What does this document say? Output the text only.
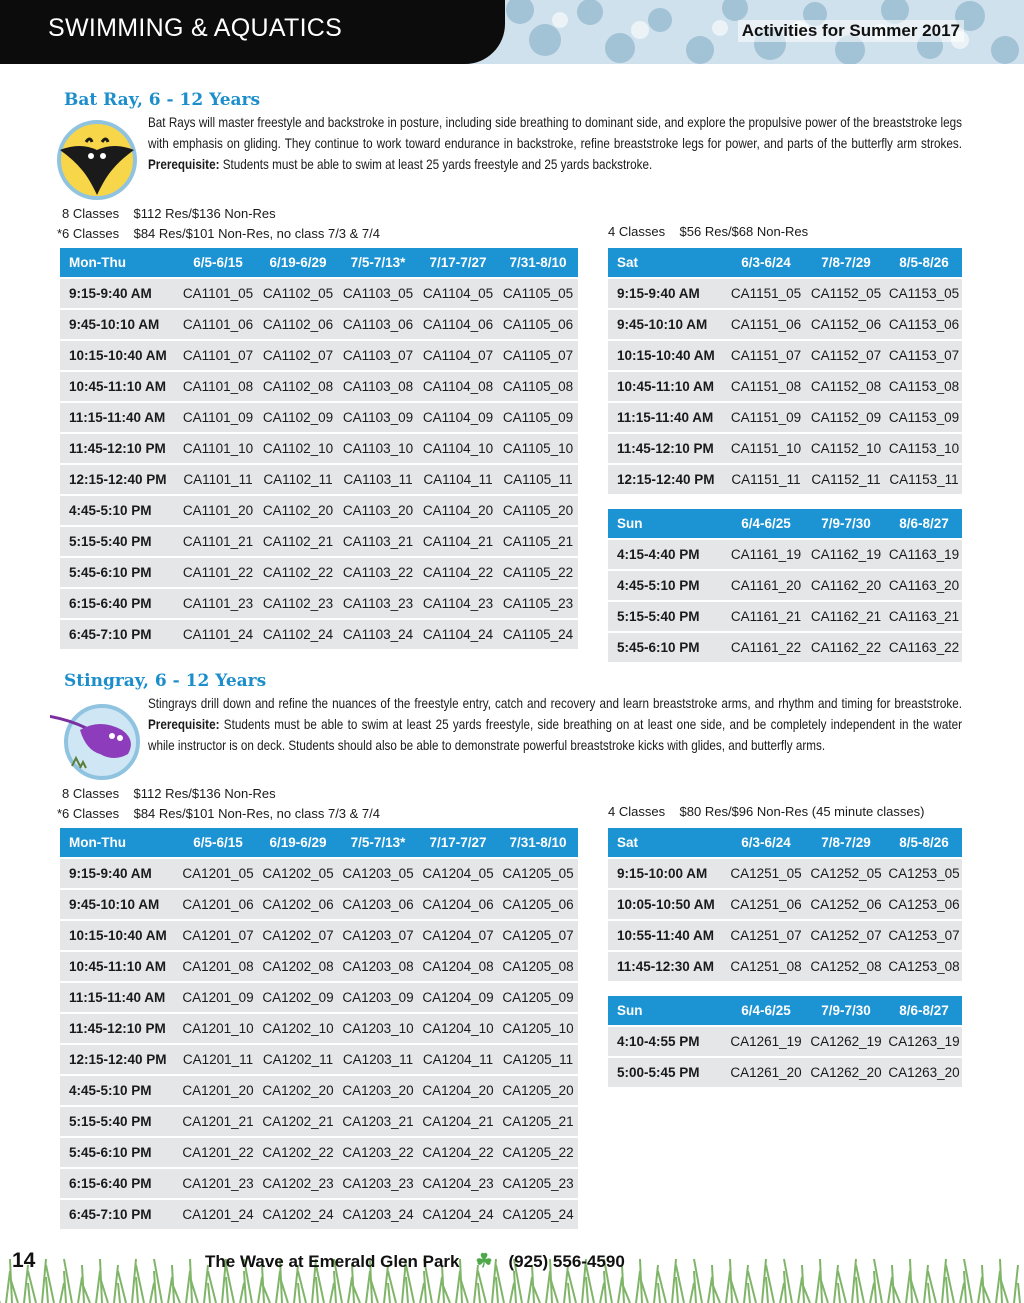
SWIMMING & AQUATICS	Activities for Summer 2017
Bat Ray, 6 - 12 Years
Bat Rays will master freestyle and backstroke in posture, including side breathing to dominant side, and explore the propulsive power of the breaststroke legs with emphasis on gliding. They continue to work toward endurance in backstroke, refine breaststroke legs for power, and parts of the butterfly arm strokes. Prerequisite: Students must be able to swim at least 25 yards freestyle and 25 yards backstroke.
8 Classes    $112 Res/$136 Non-Res
*6 Classes    $84 Res/$101 Non-Res, no class 7/3 & 7/4	4 Classes    $56 Res/$68 Non-Res
Mon-Thu	6/5-6/15	6/19-6/29	7/5-7/13*	7/17-7/27	7/31-8/10
9:15-9:40 AM	CA1101_05	CA1102_05	CA1103_05	CA1104_05	CA1105_05
9:45-10:10 AM	CA1101_06	CA1102_06	CA1103_06	CA1104_06	CA1105_06
10:15-10:40 AM	CA1101_07	CA1102_07	CA1103_07	CA1104_07	CA1105_07
10:45-11:10 AM	CA1101_08	CA1102_08	CA1103_08	CA1104_08	CA1105_08
11:15-11:40 AM	CA1101_09	CA1102_09	CA1103_09	CA1104_09	CA1105_09
11:45-12:10 PM	CA1101_10	CA1102_10	CA1103_10	CA1104_10	CA1105_10
12:15-12:40 PM	CA1101_11	CA1102_11	CA1103_11	CA1104_11	CA1105_11
4:45-5:10 PM	CA1101_20	CA1102_20	CA1103_20	CA1104_20	CA1105_20
5:15-5:40 PM	CA1101_21	CA1102_21	CA1103_21	CA1104_21	CA1105_21
5:45-6:10 PM	CA1101_22	CA1102_22	CA1103_22	CA1104_22	CA1105_22
6:15-6:40 PM	CA1101_23	CA1102_23	CA1103_23	CA1104_23	CA1105_23
6:45-7:10 PM	CA1101_24	CA1102_24	CA1103_24	CA1104_24	CA1105_24
Sat	6/3-6/24	7/8-7/29	8/5-8/26
9:15-9:40 AM	CA1151_05	CA1152_05	CA1153_05
9:45-10:10 AM	CA1151_06	CA1152_06	CA1153_06
10:15-10:40 AM	CA1151_07	CA1152_07	CA1153_07
10:45-11:10 AM	CA1151_08	CA1152_08	CA1153_08
11:15-11:40 AM	CA1151_09	CA1152_09	CA1153_09
11:45-12:10 PM	CA1151_10	CA1152_10	CA1153_10
12:15-12:40 PM	CA1151_11	CA1152_11	CA1153_11
Sun	6/4-6/25	7/9-7/30	8/6-8/27
4:15-4:40 PM	CA1161_19	CA1162_19	CA1163_19
4:45-5:10 PM	CA1161_20	CA1162_20	CA1163_20
5:15-5:40 PM	CA1161_21	CA1162_21	CA1163_21
5:45-6:10 PM	CA1161_22	CA1162_22	CA1163_22
Stingray, 6 - 12 Years
Stingrays drill down and refine the nuances of the freestyle entry, catch and recovery and learn breaststroke arms, and rhythm and timing for breaststroke. Prerequisite: Students must be able to swim at least 25 yards freestyle, side breathing on at least one side, and be completely independent in the water while instructor is on deck. Students should also be able to demonstrate powerful breaststroke kicks with glides, and butterfly arms.
8 Classes    $112 Res/$136 Non-Res
*6 Classes    $84 Res/$101 Non-Res, no class 7/3 & 7/4	4 Classes    $80 Res/$96 Non-Res (45 minute classes)
Mon-Thu	6/5-6/15	6/19-6/29	7/5-7/13*	7/17-7/27	7/31-8/10
9:15-9:40 AM	CA1201_05	CA1202_05	CA1203_05	CA1204_05	CA1205_05
9:45-10:10 AM	CA1201_06	CA1202_06	CA1203_06	CA1204_06	CA1205_06
10:15-10:40 AM	CA1201_07	CA1202_07	CA1203_07	CA1204_07	CA1205_07
10:45-11:10 AM	CA1201_08	CA1202_08	CA1203_08	CA1204_08	CA1205_08
11:15-11:40 AM	CA1201_09	CA1202_09	CA1203_09	CA1204_09	CA1205_09
11:45-12:10 PM	CA1201_10	CA1202_10	CA1203_10	CA1204_10	CA1205_10
12:15-12:40 PM	CA1201_11	CA1202_11	CA1203_11	CA1204_11	CA1205_11
4:45-5:10 PM	CA1201_20	CA1202_20	CA1203_20	CA1204_20	CA1205_20
5:15-5:40 PM	CA1201_21	CA1202_21	CA1203_21	CA1204_21	CA1205_21
5:45-6:10 PM	CA1201_22	CA1202_22	CA1203_22	CA1204_22	CA1205_22
6:15-6:40 PM	CA1201_23	CA1202_23	CA1203_23	CA1204_23	CA1205_23
6:45-7:10 PM	CA1201_24	CA1202_24	CA1203_24	CA1204_24	CA1205_24
Sat	6/3-6/24	7/8-7/29	8/5-8/26
9:15-10:00 AM	CA1251_05	CA1252_05	CA1253_05
10:05-10:50 AM	CA1251_06	CA1252_06	CA1253_06
10:55-11:40 AM	CA1251_07	CA1252_07	CA1253_07
11:45-12:30 AM	CA1251_08	CA1252_08	CA1253_08
Sun	6/4-6/25	7/9-7/30	8/6-8/27
4:10-4:55 PM	CA1261_19	CA1262_19	CA1263_19
5:00-5:45 PM	CA1261_20	CA1262_20	CA1263_20
14	The Wave at Emerald Glen Park ☘ (925) 556-4590
